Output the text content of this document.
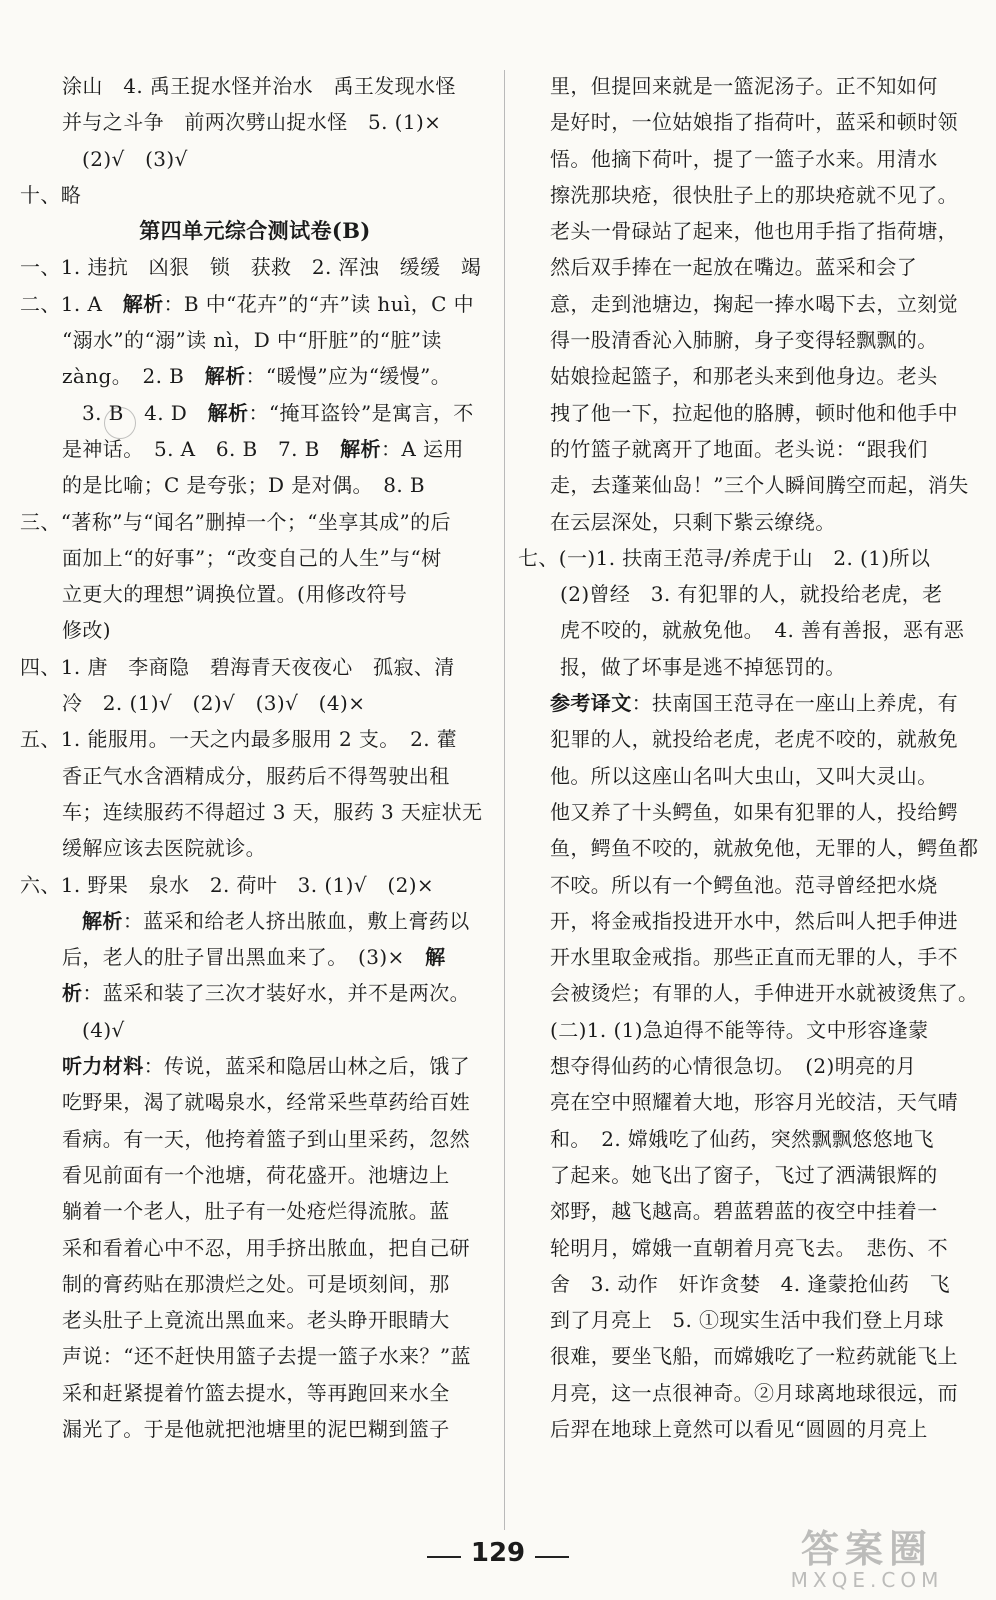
涂山　4. 禹王捉水怪并治水　禹王发现水怪
并与之斗争　前两次劈山捉水怪　5. (1)×
(2)√　(3)√
十、略
第四单元综合测试卷(B)
一、1. 违抗　凶狠　锁　获救　2. 浑浊　缓缓　竭
二、1. A　解析：B 中“花卉”的“卉”读 huì，C 中
“溺水”的“溺”读 nì，D 中“肝脏”的“脏”读
zàng。　2. B　解析：“暖慢”应为“缓慢”。
3. B　4. D　解析：“掩耳盗铃”是寓言，不
是神话。　5. A　6. B　7. B　解析：A 运用
的是比喻；C 是夸张；D 是对偶。　8. B
三、“著称”与“闻名”删掉一个；“坐享其成”的后
面加上“的好事”；“改变自己的人生”与“树
立更大的理想”调换位置。(用修改符号
修改)
四、1. 唐　李商隐　碧海青天夜夜心　孤寂、清
冷　2. (1)√　(2)√　(3)√　(4)×
五、1. 能服用。一天之内最多服用 2 支。　2. 藿
香正气水含酒精成分，服药后不得驾驶出租
车；连续服药不得超过 3 天，服药 3 天症状无
缓解应该去医院就诊。
六、1. 野果　泉水　2. 荷叶　3. (1)√　(2)×
解析：蓝采和给老人挤出脓血，敷上膏药以
后，老人的肚子冒出黑血来了。　(3)×　解
析：蓝采和装了三次才装好水，并不是两次。
(4)√
听力材料：传说，蓝采和隐居山林之后，饿了
吃野果，渴了就喝泉水，经常采些草药给百姓
看病。有一天，他挎着篮子到山里采药，忽然
看见前面有一个池塘，荷花盛开。池塘边上
躺着一个老人，肚子有一处疮烂得流脓。蓝
采和看着心中不忍，用手挤出脓血，把自己研
制的膏药贴在那溃烂之处。可是顷刻间，那
老头肚子上竟流出黑血来。老头睁开眼睛大
声说：“还不赶快用篮子去提一篮子水来？”蓝
采和赶紧提着竹篮去提水，等再跑回来水全
漏光了。于是他就把池塘里的泥巴糊到篮子
里，但提回来就是一篮泥汤子。正不知如何
是好时，一位姑娘指了指荷叶，蓝采和顿时领
悟。他摘下荷叶，提了一篮子水来。用清水
擦洗那块疮，很快肚子上的那块疮就不见了。
老头一骨碌站了起来，他也用手指了指荷塘，
然后双手捧在一起放在嘴边。蓝采和会了
意，走到池塘边，掬起一捧水喝下去，立刻觉
得一股清香沁入肺腑，身子变得轻飘飘的。
姑娘捡起篮子，和那老头来到他身边。老头
拽了他一下，拉起他的胳膊，顿时他和他手中
的竹篮子就离开了地面。老头说：“跟我们
走，去蓬莱仙岛！”三个人瞬间腾空而起，消失
在云层深处，只剩下紫云缭绕。
七、(一)1. 扶南王范寻/养虎于山　2. (1)所以
(2)曾经　3. 有犯罪的人，就投给老虎，老
虎不咬的，就赦免他。　4. 善有善报，恶有恶
报，做了坏事是逃不掉惩罚的。
参考译文：扶南国王范寻在一座山上养虎，有
犯罪的人，就投给老虎，老虎不咬的，就赦免
他。所以这座山名叫大虫山，又叫大灵山。
他又养了十头鳄鱼，如果有犯罪的人，投给鳄
鱼，鳄鱼不咬的，就赦免他，无罪的人，鳄鱼都
不咬。所以有一个鳄鱼池。范寻曾经把水烧
开，将金戒指投进开水中，然后叫人把手伸进
开水里取金戒指。那些正直而无罪的人，手不
会被烫烂；有罪的人，手伸进开水就被烫焦了。
(二)1. (1)急迫得不能等待。文中形容逢蒙
想夺得仙药的心情很急切。　(2)明亮的月
亮在空中照耀着大地，形容月光皎洁，天气晴
和。　2. 嫦娥吃了仙药，突然飘飘悠悠地飞
了起来。她飞出了窗子，飞过了洒满银辉的
郊野，越飞越高。碧蓝碧蓝的夜空中挂着一
轮明月，嫦娥一直朝着月亮飞去。　悲伤、不
舍　3. 动作　奸诈贪婪　4. 逢蒙抢仙药　飞
到了月亮上　5. ①现实生活中我们登上月球
很难，要坐飞船，而嫦娥吃了一粒药就能飞上
月亮，这一点很神奇。②月球离地球很远，而
后羿在地球上竟然可以看见“圆圆的月亮上
129	答案圈
MXQE.COM
